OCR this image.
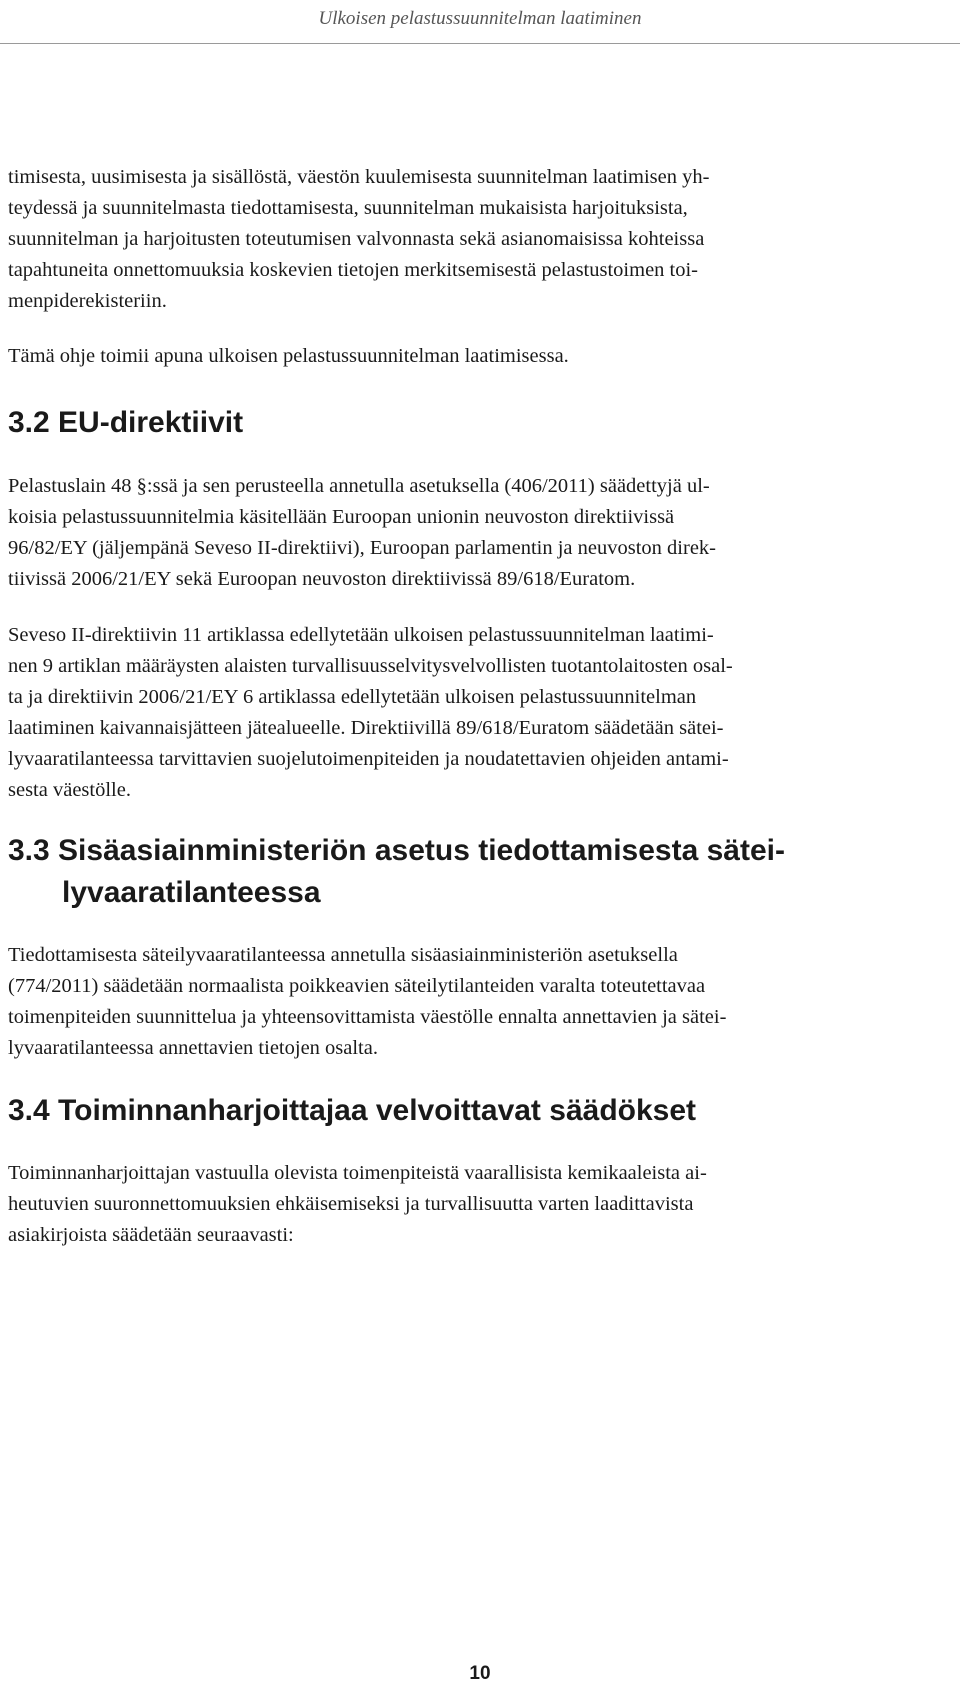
Ulkoisen pelastussuunnitelman laatiminen

timisesta, uusimisesta ja sisällöstä, väestön kuulemisesta suunnitelman laatimisen yh-
teydessä ja suunnitelmasta tiedottamisesta, suunnitelman mukaisista harjoituksista,
suunnitelman ja harjoitusten toteutumisen valvonnasta sekä asianomaisissa kohteissa
tapahtuneita onnettomuuksia koskevien tietojen merkitsemisestä pelastustoimen toi-
menpiderekisteriin.

Tämä ohje toimii apuna ulkoisen pelastussuunnitelman laatimisessa.

3.2 EU-direktiivit

Pelastuslain 48 §:ssä ja sen perusteella annetulla asetuksella (406/2011) säädettyjä ul-
koisia pelastussuunnitelmia käsitellään Euroopan unionin neuvoston direktiivissä
96/82/EY (jäljempänä Seveso II-direktiivi), Euroopan parlamentin ja neuvoston direk-
tiivissä 2006/21/EY sekä Euroopan neuvoston direktiivissä 89/618/Euratom.

Seveso II-direktiivin 11 artiklassa edellytetään ulkoisen pelastussuunnitelman laatimi-
nen 9 artiklan määräysten alaisten turvallisuusselvitysvelvollisten tuotantolaitosten osal-
ta ja direktiivin 2006/21/EY 6 artiklassa edellytetään ulkoisen pelastussuunnitelman
laatiminen kaivannaisjätteen jätealueelle. Direktiivillä 89/618/Euratom säädetään sätei-
lyvaaratilanteessa tarvittavien suojelutoimenpiteiden ja noudatettavien ohjeiden antami-
sesta väestölle.

3.3 Sisäasiainministeriön asetus tiedottamisesta sätei-
lyvaaratilanteessa

Tiedottamisesta säteilyvaaratilanteessa annetulla sisäasiainministeriön asetuksella
(774/2011) säädetään normaalista poikkeavien säteilytilanteiden varalta toteutettavaa
toimenpiteiden suunnittelua ja yhteensovittamista väestölle ennalta annettavien ja sätei-
lyvaaratilanteessa annettavien tietojen osalta.

3.4 Toiminnanharjoittajaa velvoittavat säädökset

Toiminnanharjoittajan vastuulla olevista toimenpiteistä vaarallisista kemikaaleista ai-
heutuvien suuronnettomuuksien ehkäisemiseksi ja turvallisuutta varten laadittavista
asiakirjoista säädetään seuraavasti:

10
